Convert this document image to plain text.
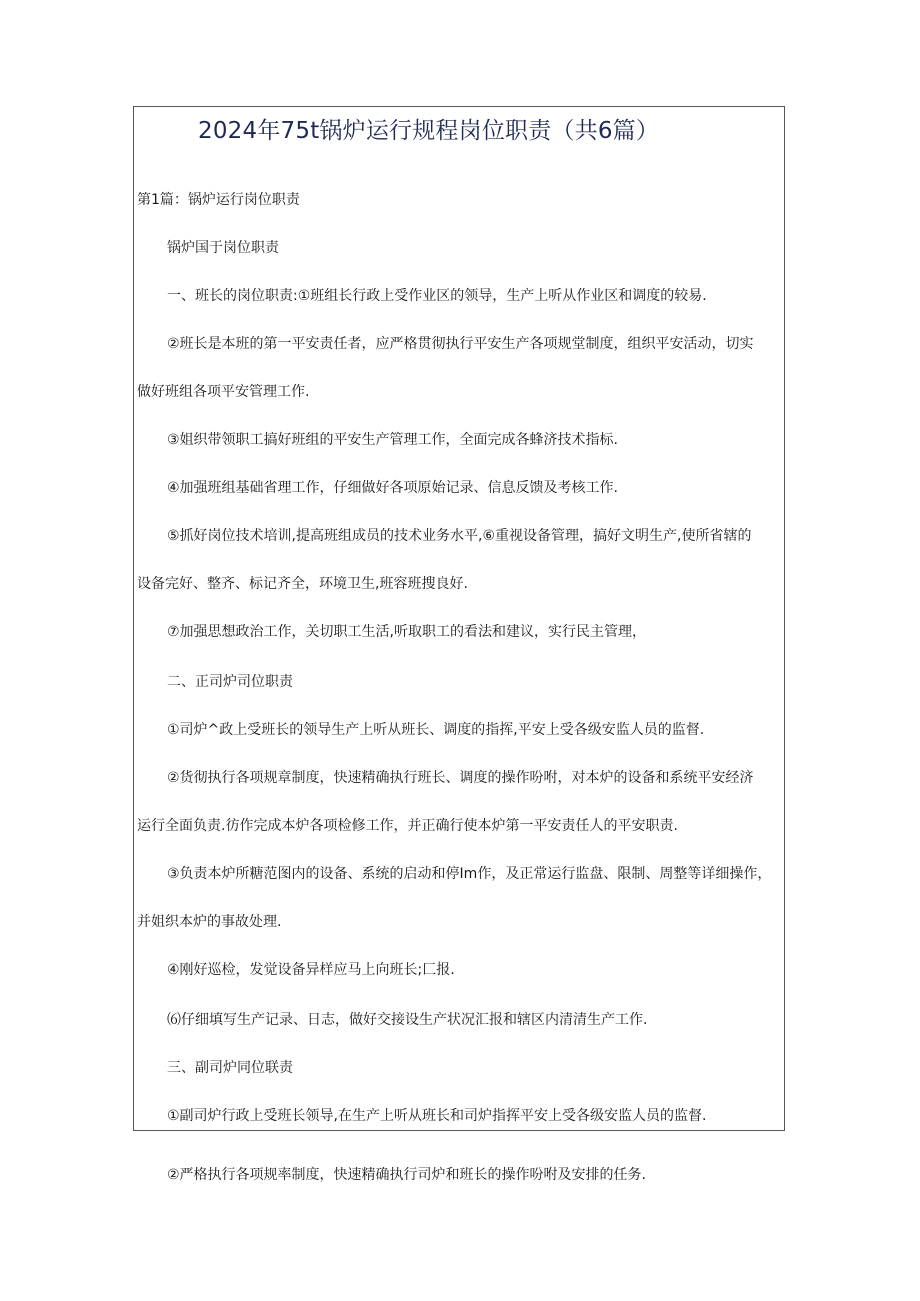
2024年75t锅炉运行规程岗位职责（共6篇）
第1篇：锅炉运行岗位职责
锅炉国于岗位职责
一、班长的岗位职责:①班组长行政上受作业区的领导，生产上听从作业区和调度的较易.
②班长是本班的第一平安责任者，应严格贯彻执行平安生产各项规堂制度，组织平安活动，切实
做好班组各项平安管理工作.
③姐织带领职工搞好班组的平安生产管理工作，全面完成各蜂济技术指标.
④加强班组基础省理工作，仔细做好各项原始记录、信息反馈及考核工作.
⑤抓好岗位技术培训,提高班组成员的技术业务水平,⑥重视设备管理，搞好文明生产,使所省辖的
设备完好、整齐、标记齐全，环境卫生,班容班搜良好.
⑦加强思想政治工作，关切职工生活,听取职工的看法和建议，实行民主管理，
二、正司炉司位职责
①司炉^政上受班长的领导生产上听从班长、调度的指挥,平安上受各级安监人员的监督.
②货彻执行各项规章制度，快速精确执行班长、调度的操作吩咐，对本炉的设备和系统平安经济
运行全面负责.彷作完成本炉各项检修工作，并正确行使本炉第一平安责任人的平安职责.
③负责本炉所糖范图内的设备、系统的启动和停Im作，及正常运行监盘、限制、周整等详细操作，
并姐织本炉的事故处理.
④刚好巡检，发觉设备异样应马上向班长;匚报.
⑹仔细填写生产记录、日志，做好交接设生产状况汇报和辖区内清清生产工作.
三、副司炉同位联责
①副司炉行政上受班长领导,在生产上听从班长和司炉指挥平安上受各级安监人员的监督.
②严格执行各项规率制度，快速精确执行司炉和班长的操作吩咐及安排的任务.
